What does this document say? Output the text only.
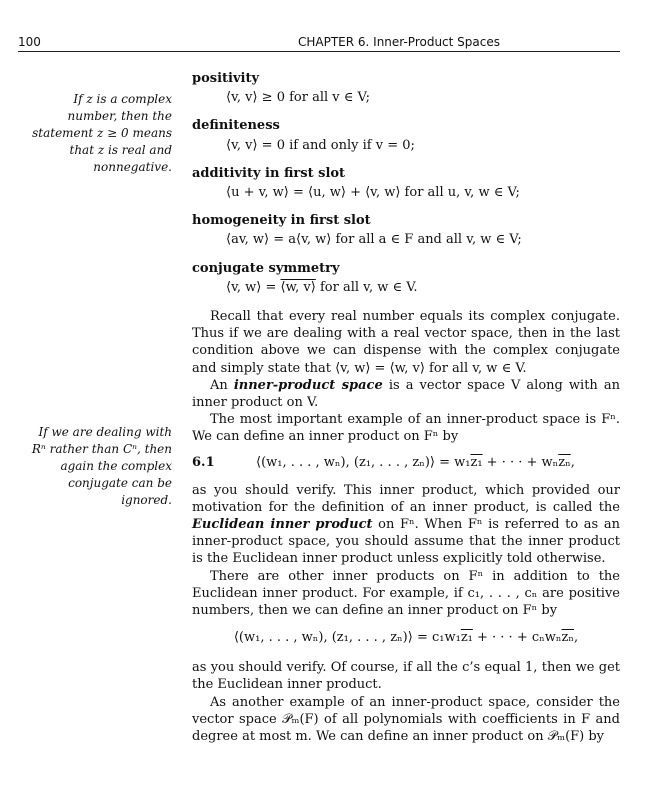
100	CHAPTER 6. Inner-Product Spaces
If z is a complex
number, then the
statement z ≥ 0 means
that z is real and
nonnegative.
If we are dealing with
Rⁿ rather than Cⁿ, then
again the complex
conjugate can be
ignored.
positivity
⟨v, v⟩ ≥ 0 for all v ∈ V;
definiteness
⟨v, v⟩ = 0 if and only if v = 0;
additivity in first slot
⟨u + v, w⟩ = ⟨u, w⟩ + ⟨v, w⟩ for all u, v, w ∈ V;
homogeneity in first slot
⟨av, w⟩ = a⟨v, w⟩ for all a ∈ F and all v, w ∈ V;
conjugate symmetry
⟨v, w⟩ = ⟨w, v⟩ for all v, w ∈ V.

Recall that every real number equals its complex conjugate. Thus if we are dealing with a real vector space, then in the last condition above we can dispense with the complex conjugate and simply state that ⟨v, w⟩ = ⟨w, v⟩ for all v, w ∈ V.

An inner-product space is a vector space V along with an inner product on V.

The most important example of an inner-product space is Fⁿ. We can define an inner product on Fⁿ by

6.1	⟨(w₁, . . . , wₙ), (z₁, . . . , zₙ)⟩ = w₁z₁ + · · · + $w_n\overline{z_n}$,

as you should verify. This inner product, which provided our motivation for the definition of an inner product, is called the Euclidean inner product on Fⁿ. When Fⁿ is referred to as an inner-product space, you should assume that the inner product is the Euclidean inner product unless explicitly told otherwise.

There are other inner products on Fⁿ in addition to the Euclidean inner product. For example, if c₁, . . . , cₙ are positive numbers, then we can define an inner product on Fⁿ by

⟨(w₁, . . . , wₙ), (z₁, . . . , zₙ)⟩ = c₁w₁z₁ + · · · + $c_nw_n\overline{z_n}$,

as you should verify. Of course, if all the c’s equal 1, then we get the Euclidean inner product.

As another example of an inner-product space, consider the vector space 𝒫ₘ(F) of all polynomials with coefficients in F and degree at most m. We can define an inner product on 𝒫ₘ(F) by
